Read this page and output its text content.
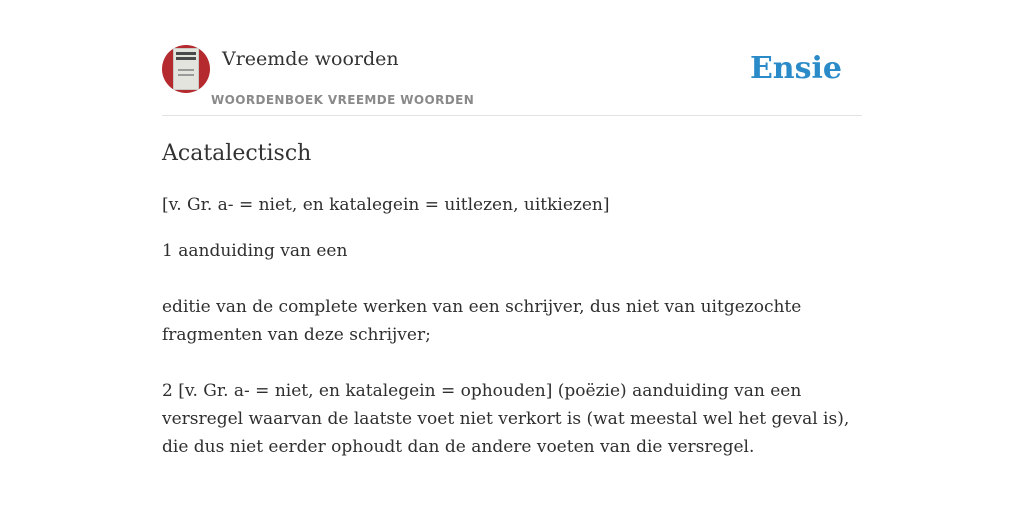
Vreemde woorden
WOORDENBOEK VREEMDE WOORDEN
Ensie
Acatalectisch

[v. Gr. a- = niet, en katalegein = uitlezen, uitkiezen]

1 aanduiding van een

editie van de complete werken van een schrijver, dus niet van uitgezochte fragmenten van deze schrijver;

2 [v. Gr. a- = niet, en katalegein = ophouden] (poëzie) aanduiding van een versregel waarvan de laatste voet niet verkort is (wat meestal wel het geval is), die dus niet eerder ophoudt dan de andere voeten van die versregel.
